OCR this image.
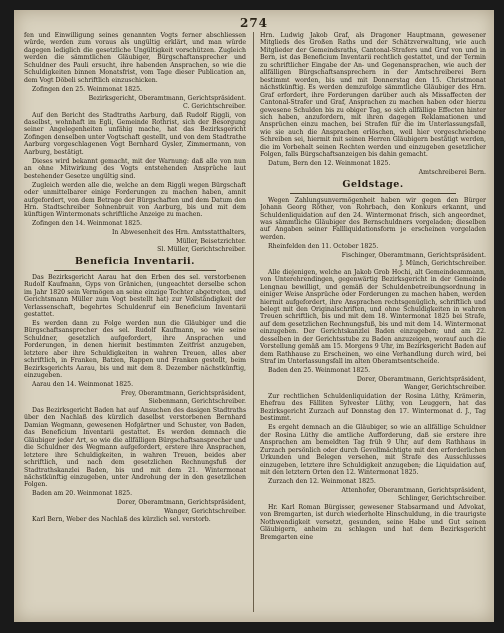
274

fen und Einwilligung seines genannten Vogts ferner abschliessen würde, werden zum voraus als ungültig erklärt, und man würde dagegen lediglich die gesetzliche Ungültigkeit vorschützen. Zugleich werden die sämmtlichen Gläubiger, Bürgschaftansprecher und Schuldner des Pauli ersucht, ihre habenden Ansprachen, so wie die Schuldigkeiten binnen Monatsfrist, vom Tage dieser Publication an, dem Vogt Döbeli schriftlich einzuschicken.

Zofingen den 25. Weinmonat 1825.

Bezirksgericht, Oberamtmann, Gerichtspräsident.

C. Gerichtschreiber.

Auf den Bericht des Stadtraths Aarburg, daß Rudolf Riggli, von daselbst, wohnhaft im Egli, Gemeinde Rothrist, sich der Besorgung seiner Angelegenheiten unfähig mache, hat das Bezirksgericht Zofingen denselben unter Vogtschaft gestellt, und von dem Stadtrathe Aarburg vorgeschlagenen Vogt Bernhard Gysler, Zimmermann, von Aarburg, bestätigt.

Dieses wird bekannt gemacht, mit der Warnung: daß alle von nun an ohne Mitwirkung des Vogts entstehenden Ansprüche laut bestehender Gesetze ungültig sind.

Zugleich werden alle die, welche an dem Riggli wegen Bürgschaft oder unmittelbarer einige Forderungen zu machen haben, amnit aufgefordert, von dem Betrage der Bürgschaften und dem Datum den Hrn. Stadtschreiber Sohnenbruit von Aarburg, bis und mit dem künftigen Wintermonats schriftliche Anzeige zu machen.

Zofingen den 14. Weinmonat 1825.

In Abwesenheit des Hrn. Amtsstatthalters,

Müller, Beisetzrichter.

Sl. Müller, Gerichtschreiber.

Beneficia Inventarii.

Das Bezirksgericht Aarau hat den Erben des sel. verstorbenen Rudolf Kaufmann, Gyps von Gränichen, (ungeachtet derselbe schon im Jahr 1820 sein Vermögen an seine einzige Tochter abgetreten, und Gerichtsmann Müller zum Vogt bestellt hat) zur Vollständigkeit der Verlassenschaft, begehrtes Schuldenruf ein Beneficium Inventarii gestattet.

Es werden dann zu Folge werden nun die Gläubiger und die Bürgschaftsansprecher des sel. Rudolf Kaufmann, so wie seine Schuldner, gesetzlich aufgefordert, ihre Ansprachen und Forderungen, in denen hiermit bestimmten Zeitfrist anzugeben, letztere aber ihre Schuldigkeiten in wahren Treuen, alles aber schriftlich, in Franken, Batzen, Rappen und Franken gestellt, beim Bezirksgerichts Aarau, bis und mit dem 8. Dezember nächstkünftig, einzugeben.

Aarau den 14. Weinmonat 1825.

Frey, Oberamtmann, Gerichtspräsident,

Siebenmann, Gerichtschreiber.

Das Bezirksgericht Baden hat auf Ansuchen des dasigen Stadtraths über den Nachlaß des kürzlich daselbst verstorbenen Bernhard Damian Wegmann, gewesenen Hofgärtner und Schuster, von Baden, das Beneficium Inventarii gestattet. Es werden demnach die Gläubiger jeder Art, so wie die allfälligen Bürgschaftsansprecher und die Schuldner des Wegmann aufgefordert, erstere ihre Ansprachen, letztere ihre Schuldigkeiten, in wahren Treuen, beides aber schriftlich, und nach dem gesetzlichen Rechnungsfuß der Stadtrathskanzlei Baden, bis und mit dem 21. Wintermonat nächstkünftig einzugeben, unter Androhung der in den gesetzlichen Folgen.

Baden am 20. Weinmonat 1825.

Dorer, Oberamtmann, Gerichtspräsident,

Wanger, Gerichtschreiber.

Karl Bern, Weber des Nachlaß des kürzlich sel. verstorb.

Hrn. Ludwig Jakob Graf, als Dragoner Hauptmann, gewesener Mitglieds des Großen Raths und der Schätzverwaltung, wie auch Mitglieder der Gemeindsraths, Cantonal-Strafers und Graf von und in Bern, ist das Beneficium Inventarii rechtlich gestattet, und der Termin zu schriftlicher Eingabe der An- und Gegenansprachen, wie auch der allfälligen Bürgschaftsansprechern in der Amtschreiberei Bern bestimmt worden, bis und mit Donnerstag den 15. Christmonat nächstkünftig. Es werden demzufolge sämmtliche Gläubiger des Hrn. Graf erfordert, ihre Forderungen darüber auch als Missaffecten der Cantonal-Strafer und Graf, Ansprachen zu machen haben oder hierzu gewesene Schulden bis zu obiger Tag, so sich allfällige Effecten hinter sich haben, anzufordern, mit ihren dagegen Reklamationen und Ansprüchen einzu machen, bei Strafen für die im Unterlassungsfall, wie sie auch die Ansprachen erlöschen, weil hier vorgeschriebene Schreiben sei, hiermit mit seinen Herren Gläubigern bestätigt werden, die im Vorbehalt seinen Rechten werden und einzugeben gesetzlicher Folgen, falls Bürgschaftsanzeigen bis dahin gemacht.

Datum, Bern den 12. Weinmonat 1825.

Amtschreiberei Bern.

Geldstage.

Wegen Zahlungsunvermögenheit haben wir gegen den Bürger Johann Georg Röther, von Rohrbach, den Konkurs erkannt, und Schuldenliquidation auf den 24. Wintermonat frisch, sich angeordnet, was sämmtliche Gläubiger des Bernschuldners vorgeladen; dieselben auf Angaben seiner Fallliquidationsform je erscheinen vorgeladen werden.

Rheinfelden den 11. October 1825.

Fischinger, Oberamtmann, Gerichtspräsident.

J. Münch, Gerichtschreiber.

Alle diejenigen, welche an Jakob Grob Hochi, alt Gemeindeammann, von Unterehrendingen, gegenwärtig Bezirksgericht in der Gemeinde Lengnau bewilligt, und gemäß der Schuldenbetreibungsordnung in einiger Weise Ansprüche oder Forderungen zu machen haben, werden hiermit aufgefordert, ihre Ansprachen rechtsgenüglich, schriftlich und belegt mit den Originalschriften, und ohne Schuldigkeiten in wahren Treuen schriftlich, bis und mit dem 18. Wintermonat 1825 bei Strafe, auf dem gesetzlichen Rechnungsfuß, bis und mit dem 14. Wintermonat einzugeben. Der Gerichtskanzlei Baden einzugeben; und am 22. desselben in der Gerichtsstube zu Baden anzuzeigen, worauf auch die Vorstellung gemäß am 15. Morgens 9 Uhr, im Bezirksgericht Baden auf dem Rathhause zu Erscheinen, wo eine Verhandlung durch wird, bei Straf im Unterlassungsfall im alten Oberamtsentscheide.

Baden den 25. Weinmonat 1825.

Dorer, Oberamtmann, Gerichtspräsident,

Wanger, Gerichtschreiber.

Zur rechtlichen Schuldenliquidation der Rosina Lüthy, Krämerin, Ehefrau des Fälliten Sylvester Lüthy, von Leuggern, hat das Bezirksgericht Zurzach auf Donnstag den 17. Wintermonat d. J., Tag bestimmt.

Es ergeht demnach an die Gläubiger, so wie an allfällige Schuldner der Rosina Lüthy die amtliche Aufforderung, daß sie erstere ihre Ansprachen am bemeldten Tag früh 9 Uhr, auf dem Rathhaus in Zurzach persönlich oder durch Gevollmächtigte mit den erforderlichen Urkunden und Belegen versehen, mit Strafe des Ausschlusses einzugeben, letztere ihre Schuldigkeit anzugeben; die Liquidation auf, mit den letztern Orten den 12. Wintermonat 1825.

Zurzach den 12. Weinmonat 1825.

Attenhofer, Oberamtmann, Gerichtspräsident,

Schlinger, Gerichtschreiber.

Hr. Karl Roman Bürgisser, gewesener Stabsarmand und Advokat, von Bremgarten, ist durch wiederholte Hinschuldung, in die traurigste Nothwendigkeit versetzt, gesunden, seine Habe und Gut seinen Gläubigern, anheim zu schlagen und hat dem Bezirksgericht Bremgarten eine
